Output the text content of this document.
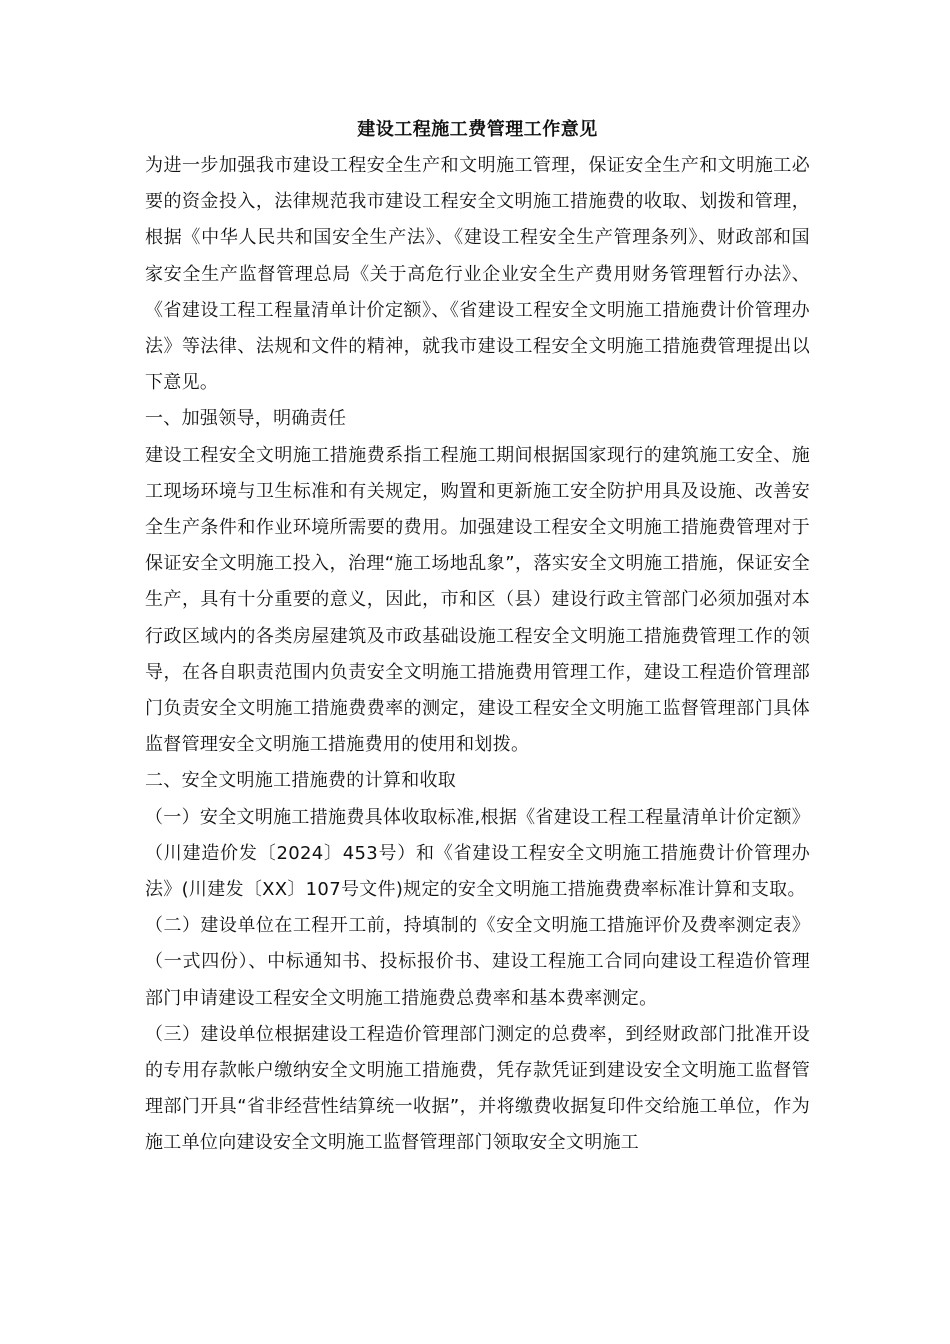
建设工程施工费管理工作意见

为进一步加强我市建设工程安全生产和文明施工管理，保证安全生产和文明施工必要的资金投入，法律规范我市建设工程安全文明施工措施费的收取、划拨和管理，根据《中华人民共和国安全生产法》、《建设工程安全生产管理条列》、财政部和国家安全生产监督管理总局《关于高危行业企业安全生产费用财务管理暂行办法》、《省建设工程工程量清单计价定额》、《省建设工程安全文明施工措施费计价管理办法》等法律、法规和文件的精神，就我市建设工程安全文明施工措施费管理提出以下意见。

一、加强领导，明确责任

建设工程安全文明施工措施费系指工程施工期间根据国家现行的建筑施工安全、施工现场环境与卫生标准和有关规定，购置和更新施工安全防护用具及设施、改善安全生产条件和作业环境所需要的费用。加强建设工程安全文明施工措施费管理对于保证安全文明施工投入，治理“施工场地乱象”，落实安全文明施工措施，保证安全生产，具有十分重要的意义，因此，市和区（县）建设行政主管部门必须加强对本行政区域内的各类房屋建筑及市政基础设施工程安全文明施工措施费管理工作的领导，在各自职责范围内负责安全文明施工措施费用管理工作，建设工程造价管理部门负责安全文明施工措施费费率的测定，建设工程安全文明施工监督管理部门具体监督管理安全文明施工措施费用的使用和划拨。

二、安全文明施工措施费的计算和收取

（一）安全文明施工措施费具体收取标准,根据《省建设工程工程量清单计价定额》（川建造价发〔2024〕453号）和《省建设工程安全文明施工措施费计价管理办法》(川建发〔XX〕107号文件)规定的安全文明施工措施费费率标准计算和支取。

（二）建设单位在工程开工前，持填制的《安全文明施工措施评价及费率测定表》（一式四份）、中标通知书、投标报价书、建设工程施工合同向建设工程造价管理部门申请建设工程安全文明施工措施费总费率和基本费率测定。

（三）建设单位根据建设工程造价管理部门测定的总费率，到经财政部门批准开设的专用存款帐户缴纳安全文明施工措施费，凭存款凭证到建设安全文明施工监督管理部门开具“省非经营性结算统一收据”，并将缴费收据复印件交给施工单位，作为施工单位向建设安全文明施工监督管理部门领取安全文明施工
